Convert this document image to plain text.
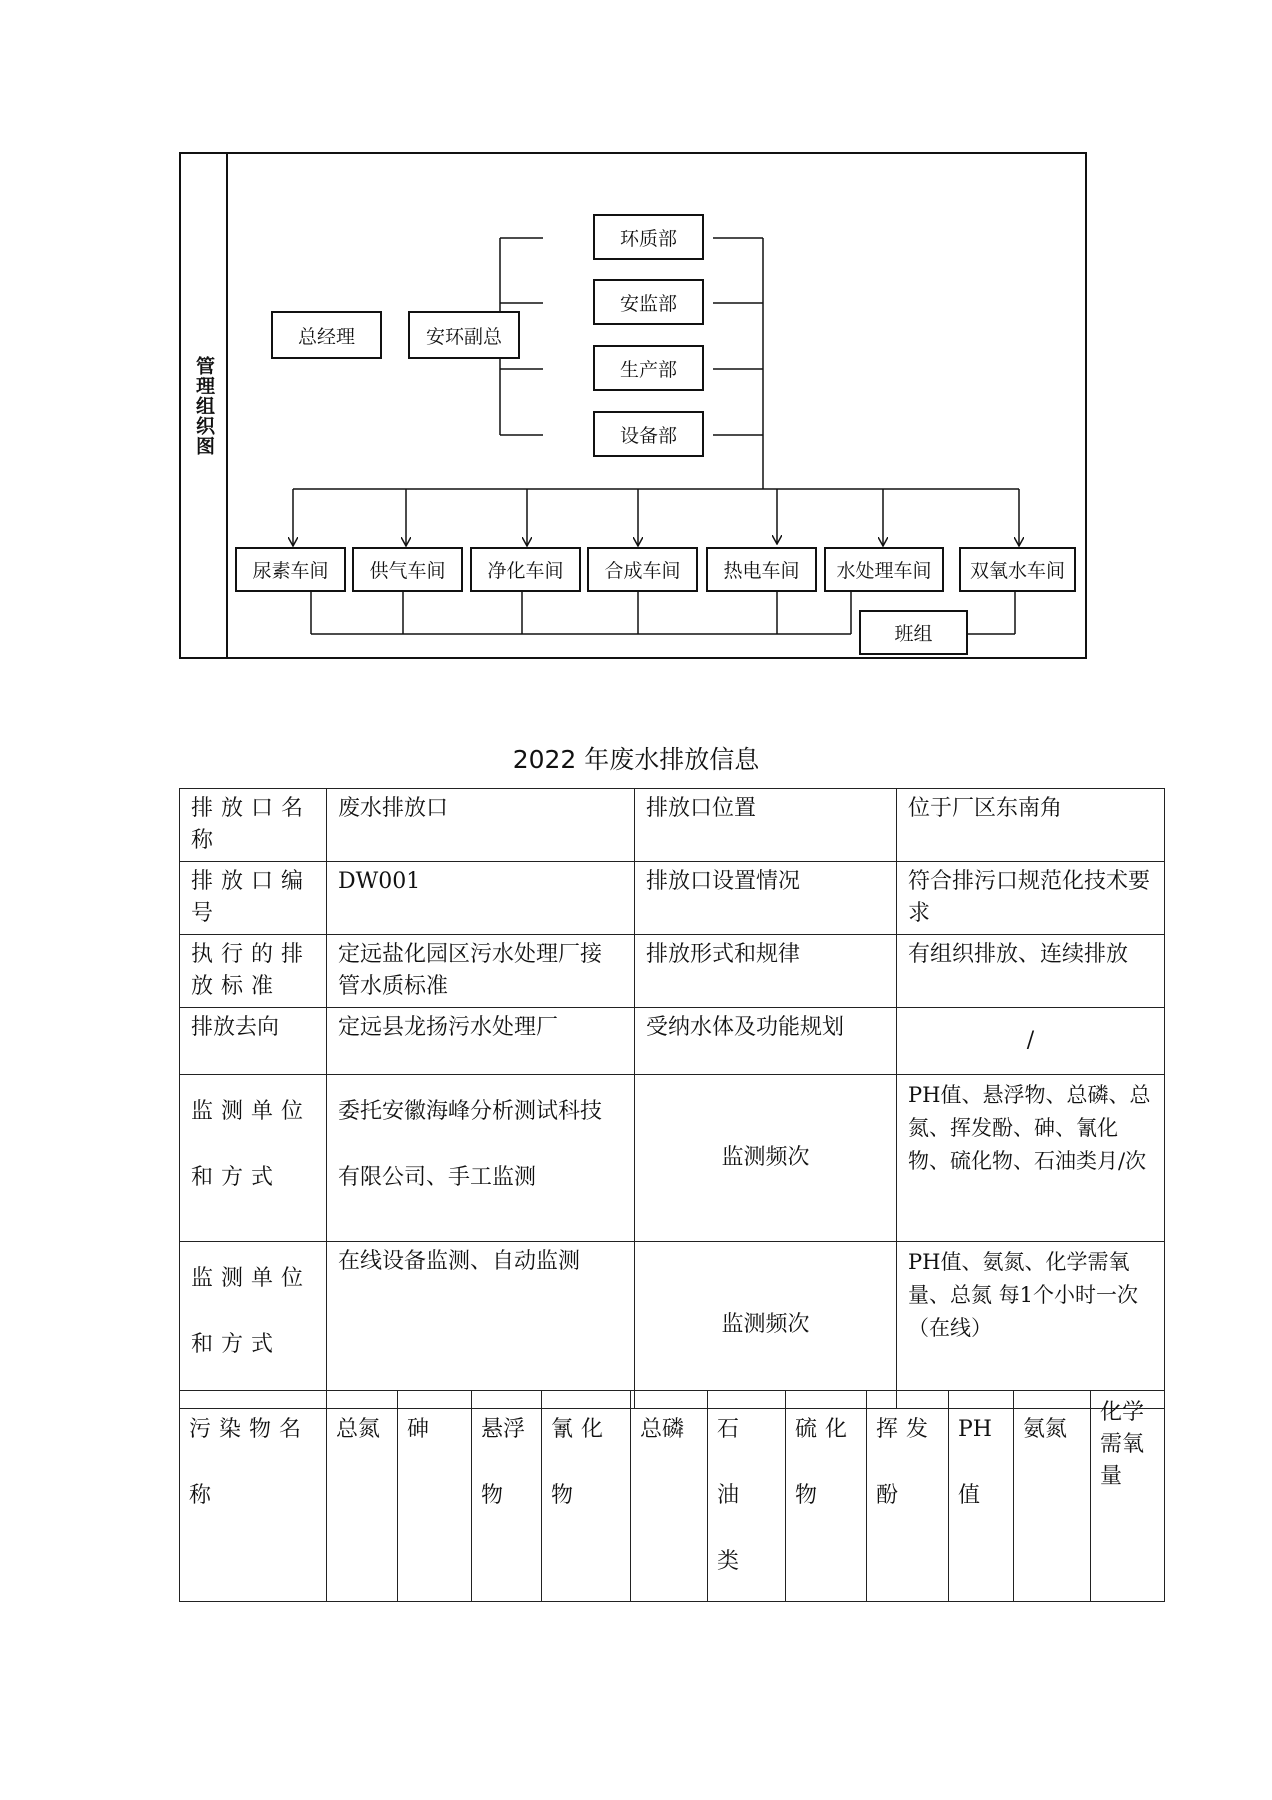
管理组织图
总经理	安环副总
环质部
安监部
生产部
设备部
尿素车间 供气车间 净化车间 合成车间 热电车间 水处理车间 双氧水车间
班组
2022 年废水排放信息
排放口名称	废水排放口	排放口位置	位于厂区东南角
排放口编号	DW001	排放口设置情况	符合排污口规范化技术要求
执行的排放标准	定远盐化园区污水处理厂接管水质标准	排放形式和规律	有组织排放、连续排放
排放去向	定远县龙扬污水处理厂	受纳水体及功能规划	/
监测单位和方式	委托安徽海峰分析测试科技有限公司、手工监测	监测频次	PH值、悬浮物、总磷、总氮、挥发酚、砷、氰化物、硫化物、石油类月/次
监测单位和方式	在线设备监测、自动监测	监测频次	PH值、氨氮、化学需氧量、总氮 每1个小时一次（在线）
污染物名称	总氮	砷	悬浮物	氰化物	总磷	石油类	硫化物	挥发酚	PH值	氨氮	化学需氧量
